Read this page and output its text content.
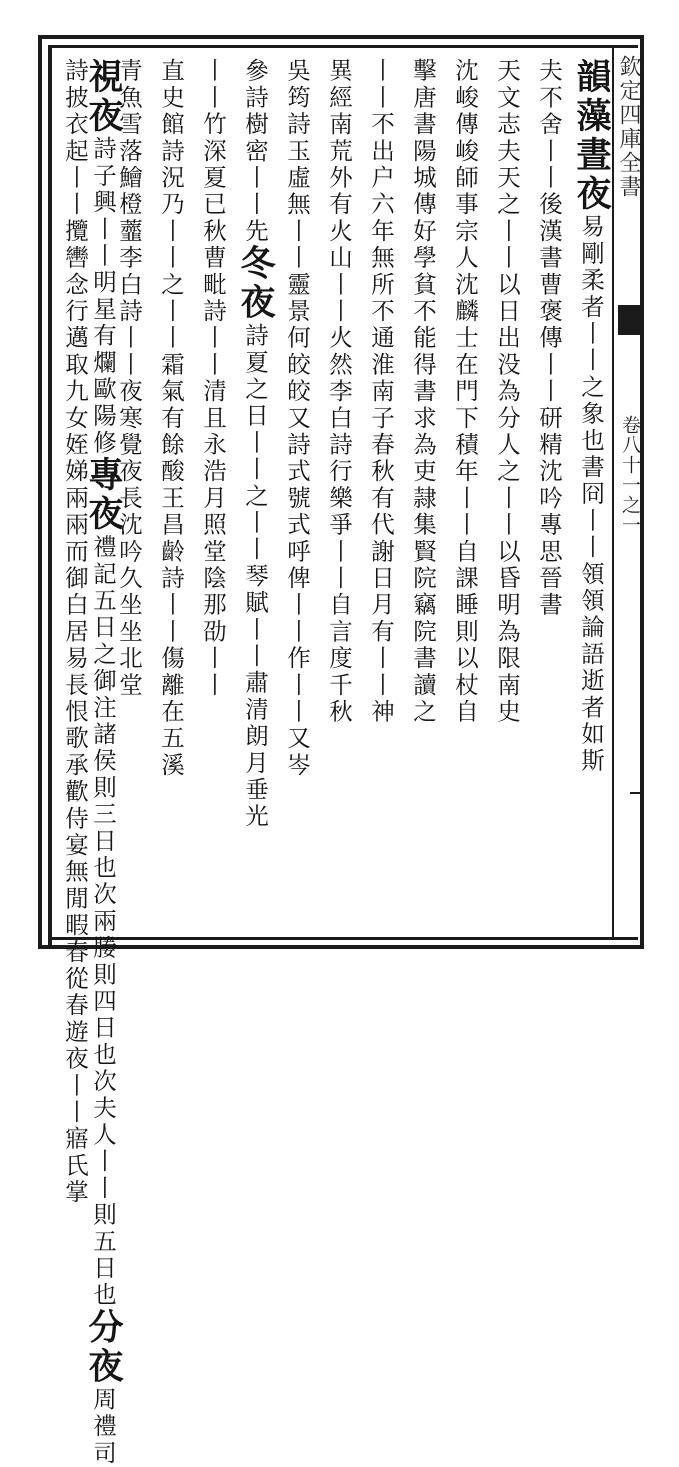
欽定四庫全書
卷八十一之一
韻藻晝夜易剛柔者丨丨之象也書冏丨丨領領論語逝者如斯
夫不舍丨丨後漢書曹褒傳丨丨研精沈吟專思晉書
天文志夫天之丨丨以日出没為分人之丨丨以昏明為限南史
沈峻傳峻師事宗人沈麟士在門下積年丨丨自課睡則以杖自
擊唐書陽城傳好學貧不能得書求為吏隷集賢院竊院書讀之
丨丨不出户六年無所不通淮南子春秋有代謝日月有丨丨神
異經南荒外有火山丨丨火然李白詩行樂爭丨丨自言度千秋
吳筠詩玉虛無丨丨靈景何皎皎又詩式號式呼俾丨丨作丨丨又岑
參詩樹密丨丨先冬夜詩夏之日丨丨之丨丨琴賦丨丨肅清朗月垂光
丨丨竹深夏已秋曹毗詩丨丨清且永浩月照堂陰那劭丨丨
直史館詩況乃丨丨之丨丨霜氣有餘酸王昌齡詩丨丨傷離在五溪
青魚雪落鱠橙虀李白詩丨丨夜寒覺夜長沈吟久坐坐北堂
視夜詩子興丨丨明星有爛歐陽修專夜禮記五日之御注諸侯則三日也次兩媵則四日也次夫人丨丨則五日也分夜周禮司
詩披衣起丨丨攬轡念行邁取九女姪娣兩兩而御白居易長恨歌承歡侍宴無閒暇春從春遊夜丨丨寤氏掌
